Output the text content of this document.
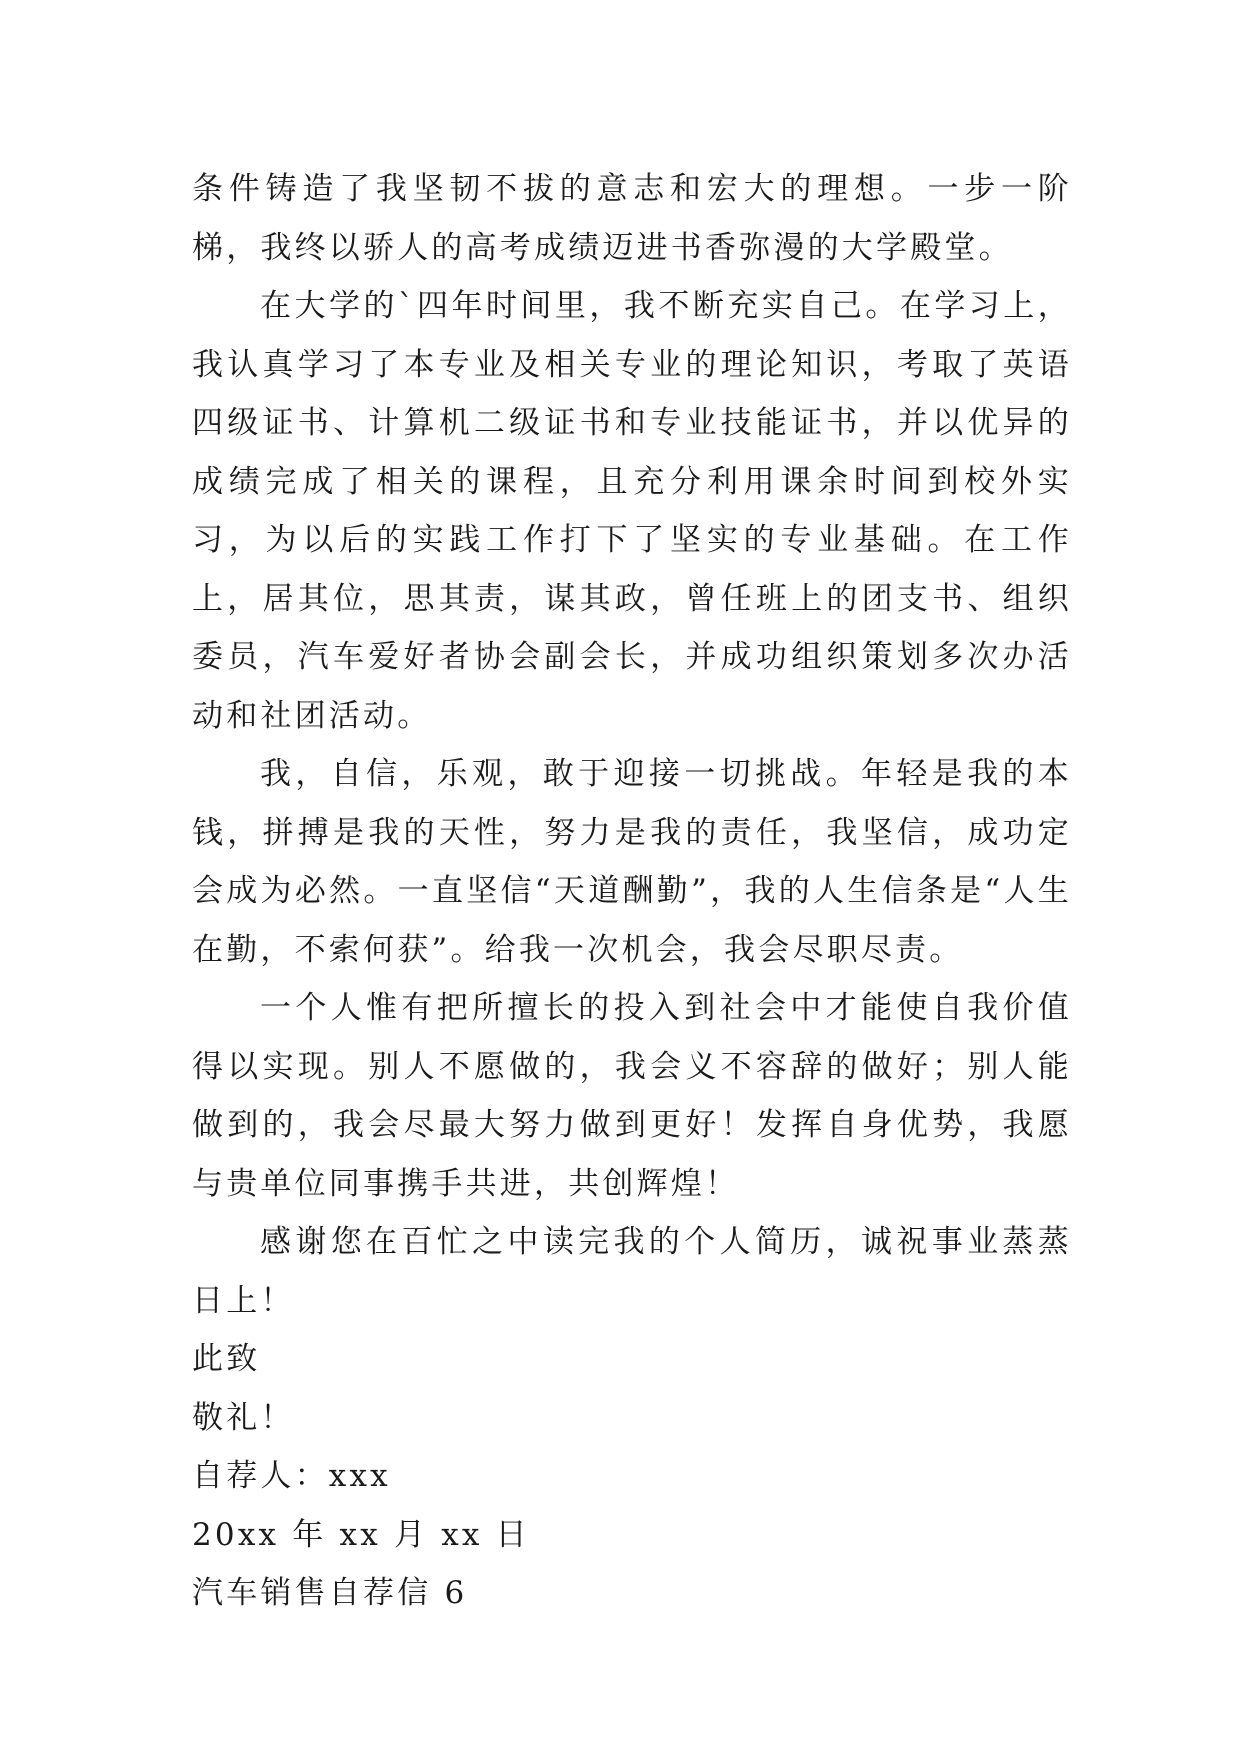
条件铸造了我坚韧不拔的意志和宏大的理想。一步一阶梯，我终以骄人的高考成绩迈进书香弥漫的大学殿堂。

在大学的`四年时间里，我不断充实自己。在学习上，我认真学习了本专业及相关专业的理论知识，考取了英语四级证书、计算机二级证书和专业技能证书，并以优异的成绩完成了相关的课程，且充分利用课余时间到校外实习，为以后的实践工作打下了坚实的专业基础。在工作上，居其位，思其责，谋其政，曾任班上的团支书、组织委员，汽车爱好者协会副会长，并成功组织策划多次办活动和社团活动。

我，自信，乐观，敢于迎接一切挑战。年轻是我的本钱，拼搏是我的天性，努力是我的责任，我坚信，成功定会成为必然。一直坚信“天道酬勤”，我的人生信条是“人生在勤，不索何获”。给我一次机会，我会尽职尽责。

一个人惟有把所擅长的投入到社会中才能使自我价值得以实现。别人不愿做的，我会义不容辞的做好；别人能做到的，我会尽最大努力做到更好！发挥自身优势，我愿与贵单位同事携手共进，共创辉煌！

感谢您在百忙之中读完我的个人简历，诚祝事业蒸蒸日上！

此致

敬礼！

自荐人：xxx

20xx 年 xx 月 xx 日

汽车销售自荐信 6
